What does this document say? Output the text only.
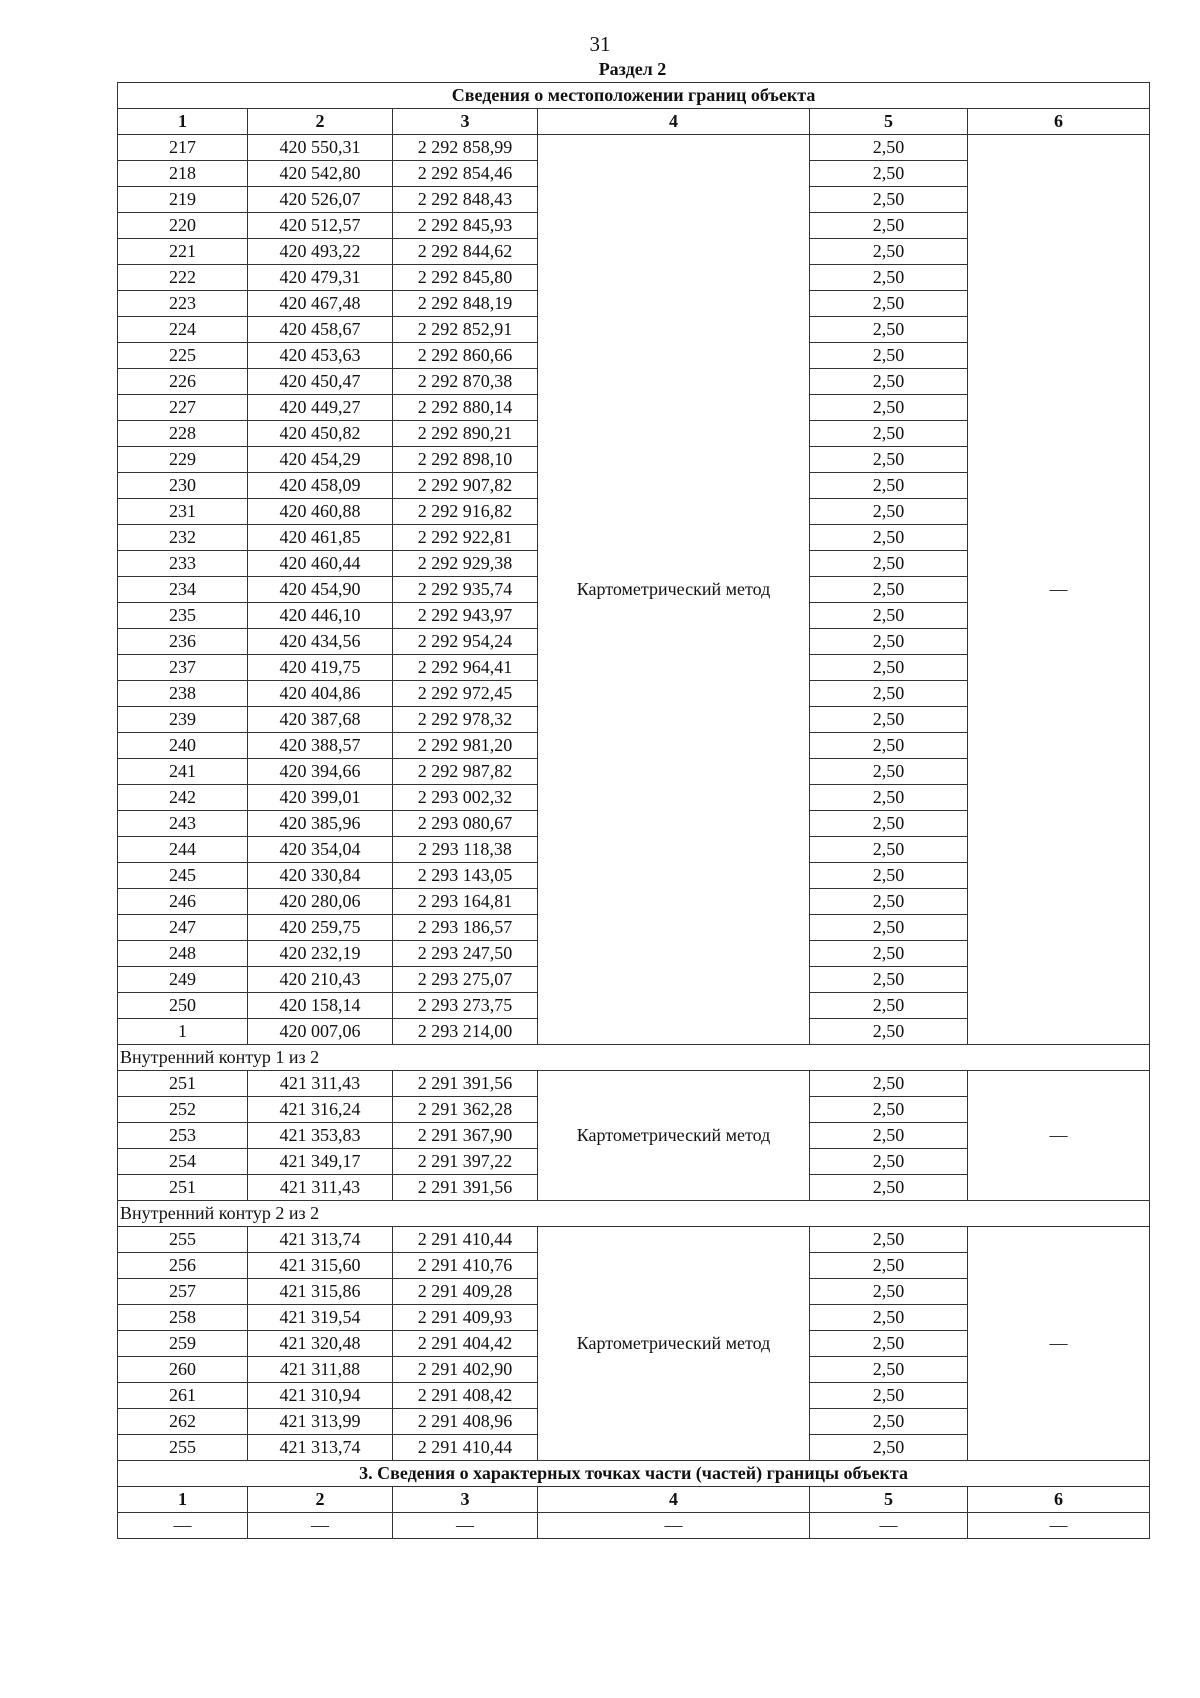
31
Раздел 2
Сведения о местоположении границ объекта					
1	2	3	4	5	6
217	420 550,31	2 292 858,99	Картометрический метод	2,50	—
218	420 542,80	2 292 854,46		2,50	
219	420 526,07	2 292 848,43		2,50	
220	420 512,57	2 292 845,93		2,50	
221	420 493,22	2 292 844,62		2,50	
222	420 479,31	2 292 845,80		2,50	
223	420 467,48	2 292 848,19		2,50	
224	420 458,67	2 292 852,91		2,50	
225	420 453,63	2 292 860,66		2,50	
226	420 450,47	2 292 870,38		2,50	
227	420 449,27	2 292 880,14		2,50	
228	420 450,82	2 292 890,21		2,50	
229	420 454,29	2 292 898,10		2,50	
230	420 458,09	2 292 907,82		2,50	
231	420 460,88	2 292 916,82		2,50	
232	420 461,85	2 292 922,81		2,50	
233	420 460,44	2 292 929,38		2,50	
234	420 454,90	2 292 935,74		2,50	
235	420 446,10	2 292 943,97		2,50	
236	420 434,56	2 292 954,24		2,50	
237	420 419,75	2 292 964,41		2,50	
238	420 404,86	2 292 972,45		2,50	
239	420 387,68	2 292 978,32		2,50	
240	420 388,57	2 292 981,20		2,50	
241	420 394,66	2 292 987,82		2,50	
242	420 399,01	2 293 002,32		2,50	
243	420 385,96	2 293 080,67		2,50	
244	420 354,04	2 293 118,38		2,50	
245	420 330,84	2 293 143,05		2,50	
246	420 280,06	2 293 164,81		2,50	
247	420 259,75	2 293 186,57		2,50	
248	420 232,19	2 293 247,50		2,50	
249	420 210,43	2 293 275,07		2,50	
250	420 158,14	2 293 273,75		2,50	
1	420 007,06	2 293 214,00		2,50	
Внутренний контур 1 из 2					
251	421 311,43	2 291 391,56	Картометрический метод	2,50	—
252	421 316,24	2 291 362,28		2,50	
253	421 353,83	2 291 367,90		2,50	
254	421 349,17	2 291 397,22		2,50	
251	421 311,43	2 291 391,56		2,50	
Внутренний контур 2 из 2					
255	421 313,74	2 291 410,44	Картометрический метод	2,50	—
256	421 315,60	2 291 410,76		2,50	
257	421 315,86	2 291 409,28		2,50	
258	421 319,54	2 291 409,93		2,50	
259	421 320,48	2 291 404,42		2,50	
260	421 311,88	2 291 402,90		2,50	
261	421 310,94	2 291 408,42		2,50	
262	421 313,99	2 291 408,96		2,50	
255	421 313,74	2 291 410,44		2,50	
3. Сведения о характерных точках части (частей) границы объекта					
1	2	3	4	5	6
—	—	—	—	—	—
